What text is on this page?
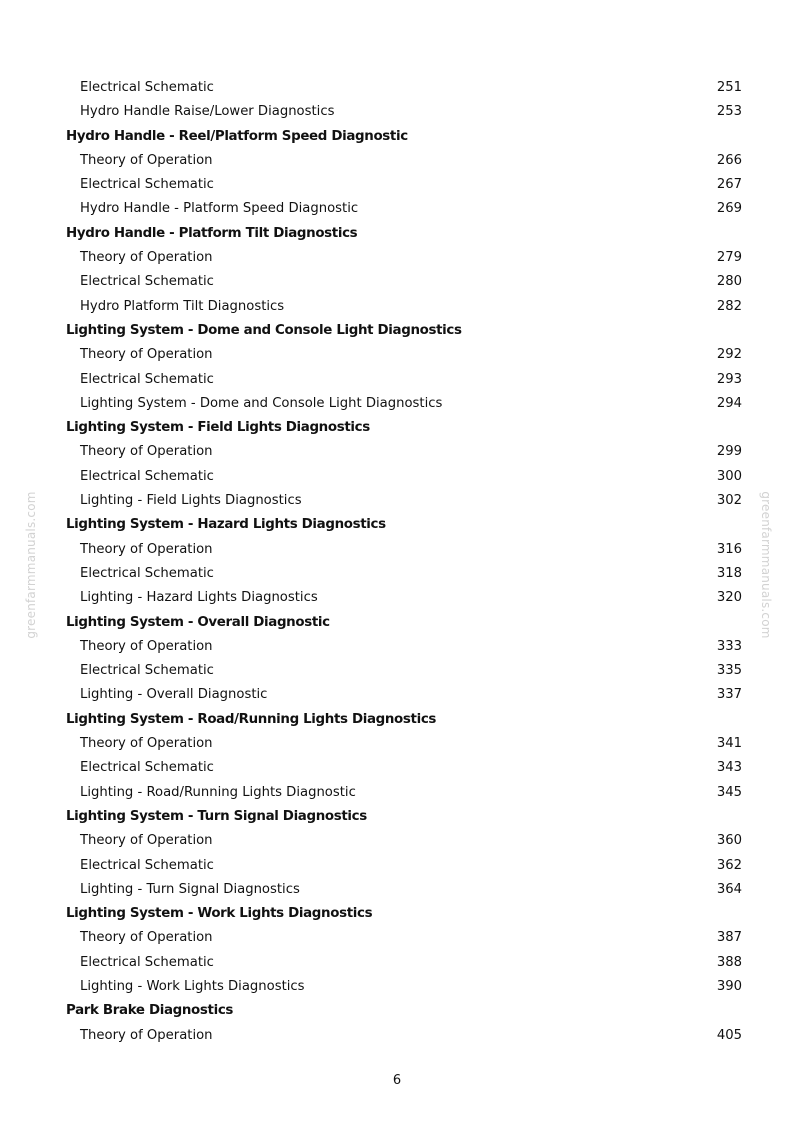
greenfarmmanuals.com	greenfarmmanuals.com
Electrical Schematic	251
Hydro Handle Raise/Lower Diagnostics	253
Hydro Handle - Reel/Platform Speed Diagnostic
Theory of Operation	266
Electrical Schematic	267
Hydro Handle - Platform Speed Diagnostic	269
Hydro Handle - Platform Tilt Diagnostics
Theory of Operation	279
Electrical Schematic	280
Hydro Platform Tilt Diagnostics	282
Lighting System - Dome and Console Light Diagnostics
Theory of Operation	292
Electrical Schematic	293
Lighting System - Dome and Console Light Diagnostics	294
Lighting System - Field Lights Diagnostics
Theory of Operation	299
Electrical Schematic	300
Lighting - Field Lights Diagnostics	302
Lighting System - Hazard Lights Diagnostics
Theory of Operation	316
Electrical Schematic	318
Lighting - Hazard Lights Diagnostics	320
Lighting System - Overall Diagnostic
Theory of Operation	333
Electrical Schematic	335
Lighting - Overall Diagnostic	337
Lighting System - Road/Running Lights Diagnostics
Theory of Operation	341
Electrical Schematic	343
Lighting - Road/Running Lights Diagnostic	345
Lighting System - Turn Signal Diagnostics
Theory of Operation	360
Electrical Schematic	362
Lighting - Turn Signal Diagnostics	364
Lighting System - Work Lights Diagnostics
Theory of Operation	387
Electrical Schematic	388
Lighting - Work Lights Diagnostics	390
Park Brake Diagnostics
Theory of Operation	405
6
